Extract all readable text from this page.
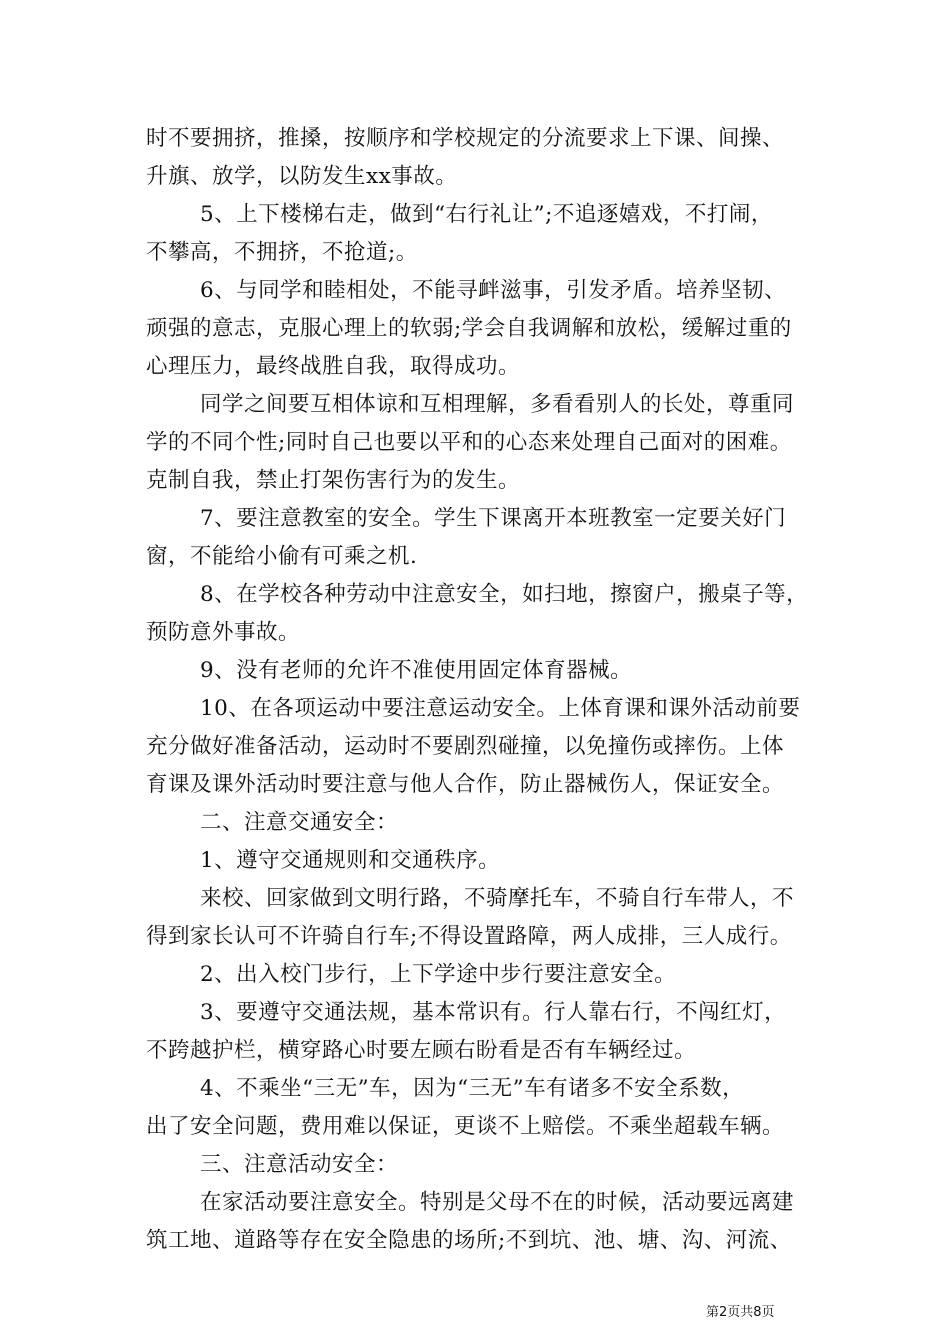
时不要拥挤，推搡，按顺序和学校规定的分流要求上下课、间操、
升旗、放学，以防发生xx事故。
5、上下楼梯右走，做到“右行礼让”;不追逐嬉戏，不打闹，
不攀高，不拥挤，不抢道;。
6、与同学和睦相处，不能寻衅滋事，引发矛盾。培养坚韧、
顽强的意志，克服心理上的软弱;学会自我调解和放松，缓解过重的
心理压力，最终战胜自我，取得成功。
同学之间要互相体谅和互相理解，多看看别人的长处，尊重同
学的不同个性;同时自己也要以平和的心态来处理自己面对的困难。
克制自我，禁止打架伤害行为的发生。
7、要注意教室的安全。学生下课离开本班教室一定要关好门
窗，不能给小偷有可乘之机.
8、在学校各种劳动中注意安全，如扫地，擦窗户，搬桌子等，
预防意外事故。
9、没有老师的允许不准使用固定体育器械。
10、在各项运动中要注意运动安全。上体育课和课外活动前要
充分做好准备活动，运动时不要剧烈碰撞，以免撞伤或摔伤。上体
育课及课外活动时要注意与他人合作，防止器械伤人，保证安全。
二、注意交通安全：
1、遵守交通规则和交通秩序。
来校、回家做到文明行路，不骑摩托车，不骑自行车带人，不
得到家长认可不许骑自行车;不得设置路障，两人成排，三人成行。
2、出入校门步行，上下学途中步行要注意安全。
3、要遵守交通法规，基本常识有。行人靠右行，不闯红灯，
不跨越护栏，横穿路心时要左顾右盼看是否有车辆经过。
4、不乘坐“三无”车，因为“三无”车有诸多不安全系数，
出了安全问题，费用难以保证，更谈不上赔偿。不乘坐超载车辆。
三、注意活动安全：
在家活动要注意安全。特别是父母不在的时候，活动要远离建
筑工地、道路等存在安全隐患的场所;不到坑、池、塘、沟、河流、
第2页共8页
